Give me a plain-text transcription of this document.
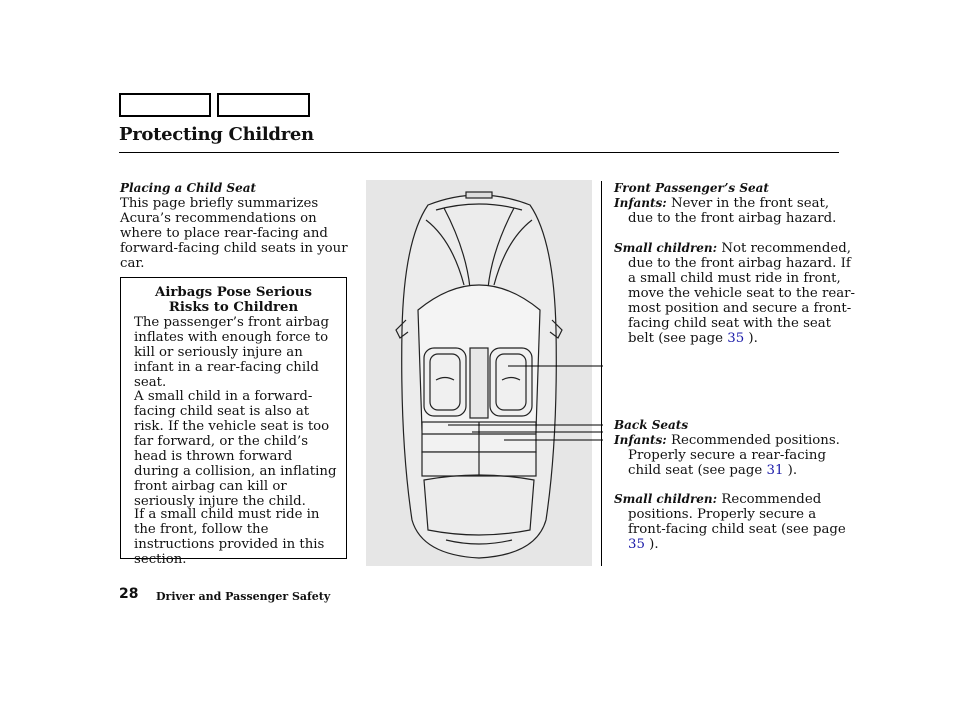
Protecting Children
Placing a Child Seat
This page briefly summarizes Acura’s recommendations on where to place rear-facing and forward-facing child seats in your car.
Airbags Pose Serious
Risks to Children
The passenger’s front airbag inflates with enough force to kill or seriously injure an infant in a rear-facing child seat.
A small child in a forward-facing child seat is also at risk. If the vehicle seat is too far forward, or the child’s head is thrown forward during a collision, an inflating front airbag can kill or seriously injure the child.
If a small child must ride in the front, follow the instructions provided in this section.
Front Passenger’s Seat
Infants: Never in the front seat, due to the front airbag hazard.
Small children: Not recommended, due to the front airbag hazard. If a small child must ride in front, move the vehicle seat to the rear-most position and secure a front-facing child seat with the seat belt (see page 35 ).
Back Seats
Infants: Recommended positions. Properly secure a rear-facing child seat (see page 31 ).
Small children: Recommended positions. Properly secure a front-facing child seat (see page 35 ).
28 Driver and Passenger Safety
